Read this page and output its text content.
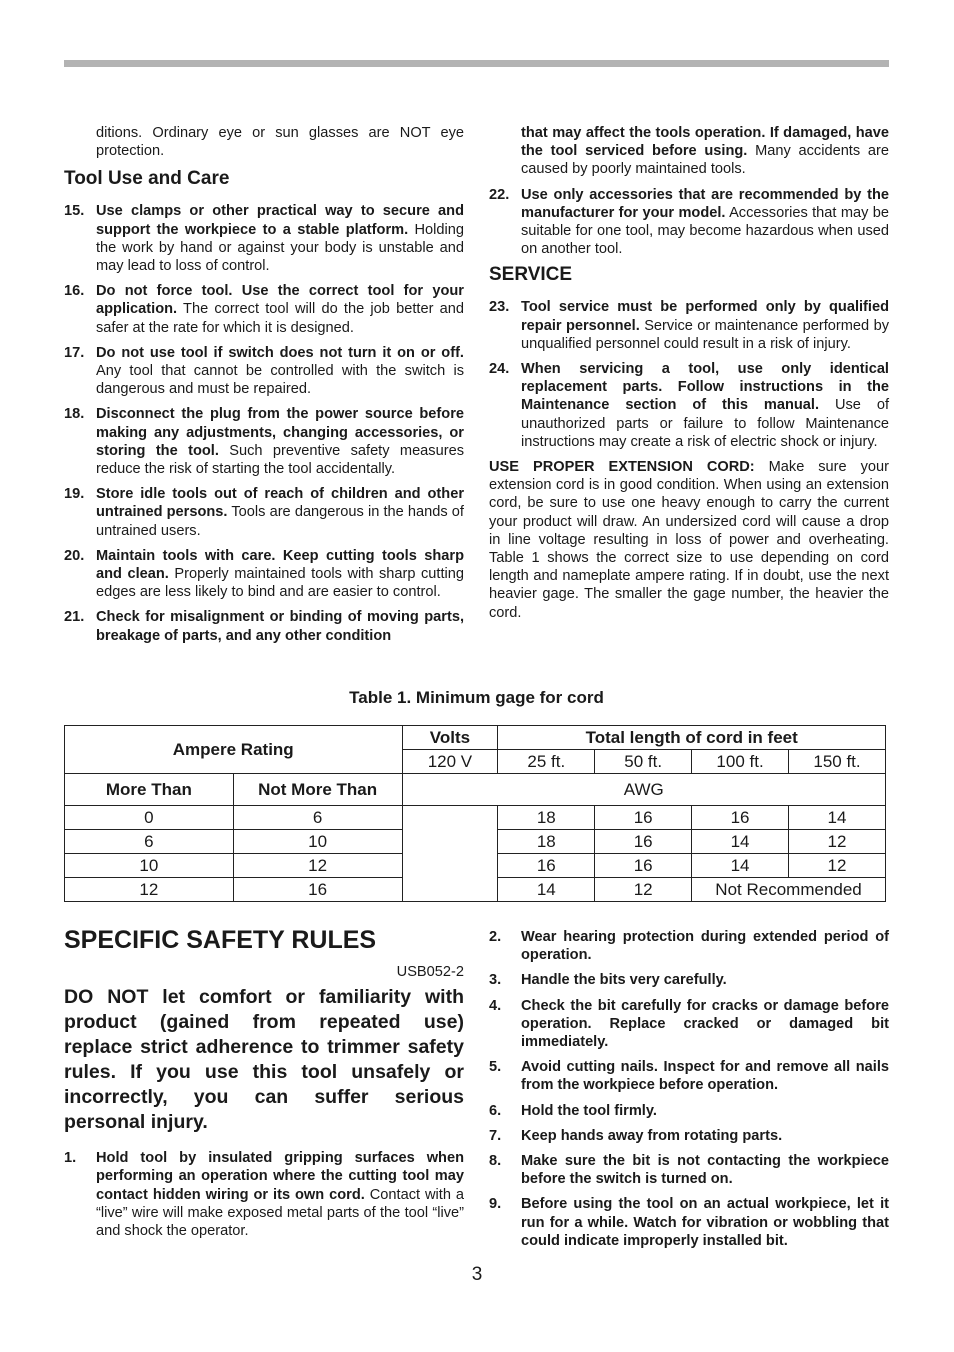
ditions. Ordinary eye or sun glasses are NOT eye protection.

Tool Use and Care

15. Use clamps or other practical way to secure and support the workpiece to a stable platform. Holding the work by hand or against your body is unstable and may lead to loss of control.

16. Do not force tool. Use the correct tool for your application. The correct tool will do the job better and safer at the rate for which it is designed.

17. Do not use tool if switch does not turn it on or off. Any tool that cannot be controlled with the switch is dangerous and must be repaired.

18. Disconnect the plug from the power source before making any adjustments, changing accessories, or storing the tool. Such preventive safety measures reduce the risk of starting the tool accidentally.

19. Store idle tools out of reach of children and other untrained persons. Tools are dangerous in the hands of untrained users.

20. Maintain tools with care. Keep cutting tools sharp and clean. Properly maintained tools with sharp cutting edges are less likely to bind and are easier to control.

21. Check for misalignment or binding of moving parts, breakage of parts, and any other condition

that may affect the tools operation. If damaged, have the tool serviced before using. Many accidents are caused by poorly maintained tools.

22. Use only accessories that are recommended by the manufacturer for your model. Accessories that may be suitable for one tool, may become hazardous when used on another tool.

SERVICE

23. Tool service must be performed only by qualified repair personnel. Service or maintenance performed by unqualified personnel could result in a risk of injury.

24. When servicing a tool, use only identical replacement parts. Follow instructions in the Maintenance section of this manual. Use of unauthorized parts or failure to follow Maintenance instructions may create a risk of electric shock or injury.

USE PROPER EXTENSION CORD: Make sure your extension cord is in good condition. When using an extension cord, be sure to use one heavy enough to carry the current your product will draw. An undersized cord will cause a drop in line voltage resulting in loss of power and overheating. Table 1 shows the correct size to use depending on cord length and nameplate ampere rating. If in doubt, use the next heavier gage. The smaller the gage number, the heavier the cord.

Table 1. Minimum gage for cord
Ampere Rating		Volts	Total length of cord in feet			
		120 V	25 ft.	50 ft.	100 ft.	150 ft.
More Than	Not More Than	AWG				
0	6		18	16	16	14
6	10		18	16	14	12
10	12		16	16	14	12
12	16		14	12	Not Recommended	

SPECIFIC SAFETY RULES

USB052-2

DO NOT let comfort or familiarity with product (gained from repeated use) replace strict adherence to trimmer safety rules. If you use this tool unsafely or incorrectly, you can suffer serious personal injury.

1. Hold tool by insulated gripping surfaces when performing an operation where the cutting tool may contact hidden wiring or its own cord. Contact with a “live” wire will make exposed metal parts of the tool “live” and shock the operator.

2. Wear hearing protection during extended period of operation.

3. Handle the bits very carefully.

4. Check the bit carefully for cracks or damage before operation. Replace cracked or damaged bit immediately.

5. Avoid cutting nails. Inspect for and remove all nails from the workpiece before operation.

6. Hold the tool firmly.

7. Keep hands away from rotating parts.

8. Make sure the bit is not contacting the workpiece before the switch is turned on.

9. Before using the tool on an actual workpiece, let it run for a while. Watch for vibration or wobbling that could indicate improperly installed bit.

3
